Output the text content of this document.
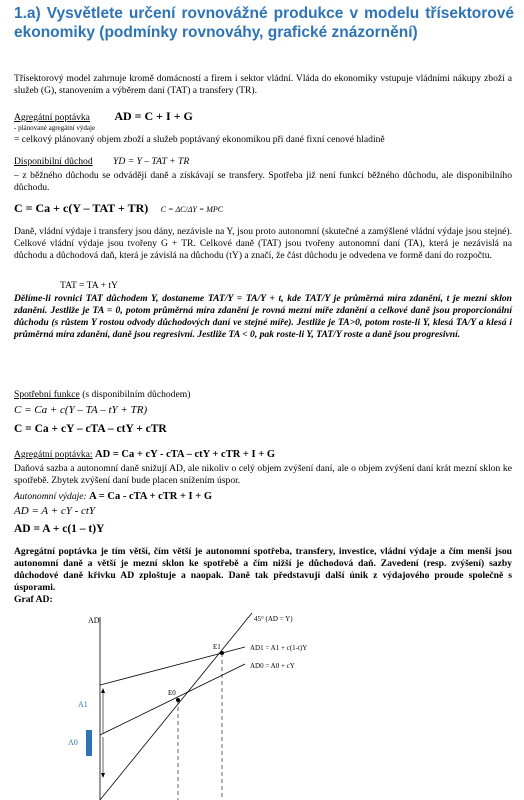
1.a) Vysvětlete určení rovnovážné produkce v modelu třísektorové ekonomiky (podmínky rovnováhy, grafické znázornění)

Třísektorový model zahrnuje kromě domácností a firem i sektor vládní. Vláda do ekonomiky vstupuje vládními nákupy zboží a služeb (G), stanovením a výběrem daní (TAT) a transfery (TR).

Agregátní poptávka AD = C + I + G
- plánované agregátní výdaje
= celkový plánovaný objem zboží a služeb poptávaný ekonomikou při dané fixní cenové hladině
Disponibilní důchod YD = Y – TAT + TR

– z běžného důchodu se odvádějí daně a získávají se transfery. Spotřeba již není funkcí běžného důchodu, ale disponibilního důchodu.

C = Ca + c(Y – TAT + TR) C = ΔC/ΔY = MPC

Daně, vládní výdaje i transfery jsou dány, nezávisle na Y, jsou proto autonomní (skutečné a zamýšlené vládní výdaje jsou stejné). Celkové vládní výdaje jsou tvořeny G + TR. Celkové daně (TAT) jsou tvořeny autonomní daní (TA), která je nezávislá na důchodu a důchodová daň, která je závislá na důchodu (tY) a značí, že část důchodu je odvedena ve formě daní do rozpočtu.

TAT = TA + tY

Dělíme-li rovnici TAT důchodem Y, dostaneme TAT/Y = TA/Y + t, kde TAT/Y je průměrná míra zdanění, t je mezní sklon zdanění. Jestliže je TA = 0, potom průměrná míra zdanění je rovná mezní míře zdanění a celkové daně jsou proporcionální důchodu (s růstem Y rostou odvody důchodových daní ve stejné míře). Jestliže je TA>0, potom roste-li Y, klesá TA/Y a klesá i průměrná míra zdanění, daně jsou regresivní. Jestliže TA < 0, pak roste-li Y, TAT/Y roste a daně jsou progresivní.

Spotřební funkce (s disponibilním důchodem)
C = Ca + c(Y – TA – tY + TR)
C = Ca + cY – cTA – ctY + cTR
Agregátní poptávka: AD = Ca + cY - cTA – ctY + cTR + I + G

Daňová sazba a autonomní daně snižují AD, ale nikoliv o celý objem zvýšení daní, ale o objem zvýšení daní krát mezní sklon ke spotřebě. Zbytek zvýšení daní bude placen snížením úspor.

Autonomní výdaje: A = Ca - cTA + cTR + I + G
AD = A + cY - ctY
AD = A + c(1 – t)Y

Agregátní poptávka je tím větší, čím větší je autonomní spotřeba, transfery, investice, vládní výdaje a čím menší jsou autonomní daně a větší je mezní sklon ke spotřebě a čím nižší je důchodová daň. Zavedení (resp. zvýšení) sazby důchodové daně křivku AD zploštuje a naopak. Daně tak představují další únik z výdajového proude společně s úsporami.

Graf AD:
AD	45° (AD = Y)
AD1 = A1 + c(1-t)Y
AD0 = A0 + cY
E1
E0
A1
A0
